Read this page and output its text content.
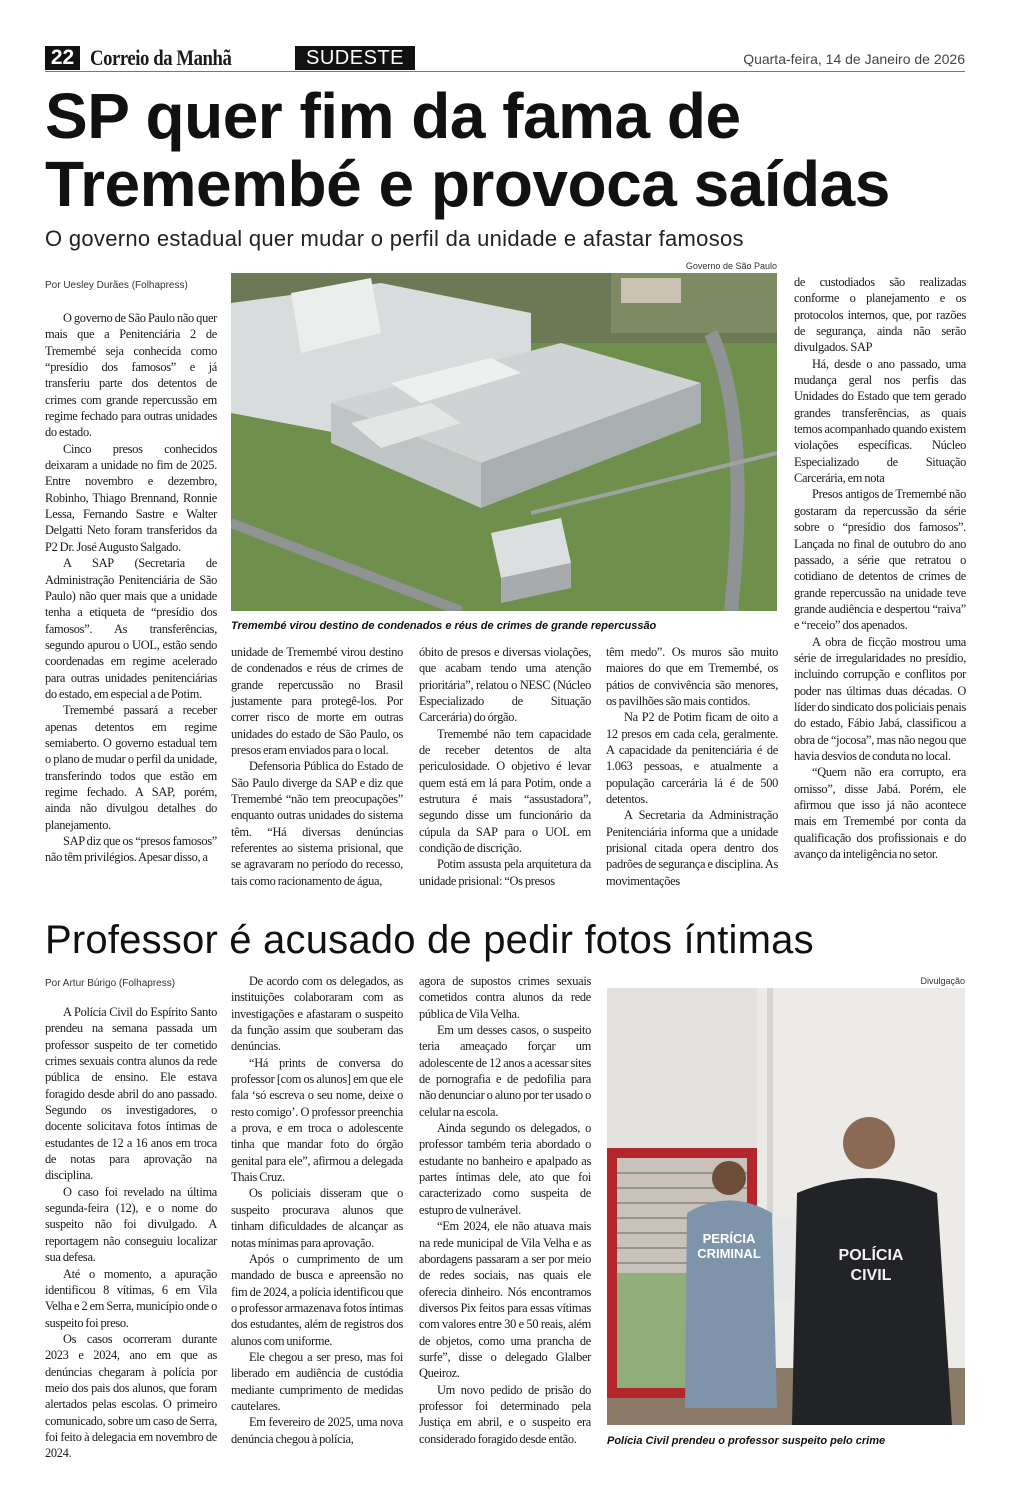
22 Correio da Manhã	SUDESTE	Quarta-feira, 14 de Janeiro de 2026
SP quer fim da fama de Tremembé e provoca saídas
O governo estadual quer mudar o perfil da unidade e afastar famosos
Por Uesley Durães (Folhapress)
Governo de São Paulo
Tremembé virou destino de condenados e réus de crimes de grande repercussão

O governo de São Paulo não quer mais que a Penitenciária 2 de Tremembé seja conhecida como “presídio dos famosos” e já transferiu parte dos detentos de crimes com grande repercussão em regime fechado para outras unidades do estado.

Cinco presos conhecidos deixaram a unidade no fim de 2025. Entre novembro e dezembro, Robinho, Thiago Brennand, Ronnie Lessa, Fernando Sastre e Walter Delgatti Neto foram transferidos da P2 Dr. José Augusto Salgado.

A SAP (Secretaria de Administração Penitenciária de São Paulo) não quer mais que a unidade tenha a etiqueta de “presídio dos famosos”. As transferências, segundo apurou o UOL, estão sendo coordenadas em regime acelerado para outras unidades penitenciárias do estado, em especial a de Potim.

Tremembé passará a receber apenas detentos em regime semiaberto. O governo estadual tem o plano de mudar o perfil da unidade, transferindo todos que estão em regime fechado. A SAP, porém, ainda não divulgou detalhes do planejamento.

SAP diz que os “presos famosos” não têm privilégios. Apesar disso, a

unidade de Tremembé virou destino de condenados e réus de crimes de grande repercussão no Brasil justamente para protegê-los. Por correr risco de morte em outras unidades do estado de São Paulo, os presos eram enviados para o local.

Defensoria Pública do Estado de São Paulo diverge da SAP e diz que Tremembé “não tem preocupações” enquanto outras unidades do sistema têm. “Há diversas denúncias referentes ao sistema prisional, que se agravaram no período do recesso, tais como racionamento de água,

óbito de presos e diversas violações, que acabam tendo uma atenção prioritária”, relatou o NESC (Núcleo Especializado de Situação Carcerária) do órgão.

Tremembé não tem capacidade de receber detentos de alta periculosidade. O objetivo é levar quem está em lá para Potim, onde a estrutura é mais “assustadora”, segundo disse um funcionário da cúpula da SAP para o UOL em condição de discrição.

Potim assusta pela arquitetura da unidade prisional: “Os presos

têm medo”. Os muros são muito maiores do que em Tremembé, os pátios de convivência são menores, os pavilhões são mais contidos.

Na P2 de Potim ficam de oito a 12 presos em cada cela, geralmente. A capacidade da penitenciária é de 1.063 pessoas, e atualmente a população carcerária lá é de 500 detentos.

A Secretaria da Administração Penitenciária informa que a unidade prisional citada opera dentro dos padrões de segurança e disciplina. As movimentações

de custodiados são realizadas conforme o planejamento e os protocolos internos, que, por razões de segurança, ainda não serão divulgados. SAP

Há, desde o ano passado, uma mudança geral nos perfis das Unidades do Estado que tem gerado grandes transferências, as quais temos acompanhado quando existem violações específicas. Núcleo Especializado de Situação Carcerária, em nota

Presos antigos de Tremembé não gostaram da repercussão da série sobre o “presídio dos famosos”. Lançada no final de outubro do ano passado, a série que retratou o cotidiano de detentos de crimes de grande repercussão na unidade teve grande audiência e despertou “raiva” e “receio” dos apenados.

A obra de ficção mostrou uma série de irregularidades no presídio, incluindo corrupção e conflitos por poder nas últimas duas décadas. O líder do sindicato dos policiais penais do estado, Fábio Jabá, classificou a obra de “jocosa”, mas não negou que havia desvios de conduta no local.

“Quem não era corrupto, era omisso”, disse Jabá. Porém, ele afirmou que isso já não acontece mais em Tremembé por conta da qualificação dos profissionais e do avanço da inteligência no setor.

Professor é acusado de pedir fotos íntimas
Por Artur Búrigo (Folhapress)	Divulgação
PERÍCIA
CRIMINAL	POLÍCIA
CIVIL
Polícia Civil prendeu o professor suspeito pelo crime

A Polícia Civil do Espírito Santo prendeu na semana passada um professor suspeito de ter cometido crimes sexuais contra alunos da rede pública de ensino. Ele estava foragido desde abril do ano passado. Segundo os investigadores, o docente solicitava fotos íntimas de estudantes de 12 a 16 anos em troca de notas para aprovação na disciplina.

O caso foi revelado na última segunda-feira (12), e o nome do suspeito não foi divulgado. A reportagem não conseguiu localizar sua defesa.

Até o momento, a apuração identificou 8 vítimas, 6 em Vila Velha e 2 em Serra, município onde o suspeito foi preso.

Os casos ocorreram durante 2023 e 2024, ano em que as denúncias chegaram à polícia por meio dos pais dos alunos, que foram alertados pelas escolas. O primeiro comunicado, sobre um caso de Serra, foi feito à delegacia em novembro de 2024.

De acordo com os delegados, as instituições colaboraram com as investigações e afastaram o suspeito da função assim que souberam das denúncias.

“Há prints de conversa do professor [com os alunos] em que ele fala ‘só escreva o seu nome, deixe o resto comigo’. O professor preenchia a prova, e em troca o adolescente tinha que mandar foto do órgão genital para ele”, afirmou a delegada Thais Cruz.

Os policiais disseram que o suspeito procurava alunos que tinham dificuldades de alcançar as notas mínimas para aprovação.

Após o cumprimento de um mandado de busca e apreensão no fim de 2024, a polícia identificou que o professor armazenava fotos íntimas dos estudantes, além de registros dos alunos com uniforme.

Ele chegou a ser preso, mas foi liberado em audiência de custódia mediante cumprimento de medidas cautelares.

Em fevereiro de 2025, uma nova denúncia chegou à polícia,

agora de supostos crimes sexuais cometidos contra alunos da rede pública de Vila Velha.

Em um desses casos, o suspeito teria ameaçado forçar um adolescente de 12 anos a acessar sites de pornografia e de pedofilia para não denunciar o aluno por ter usado o celular na escola.

Ainda segundo os delegados, o professor também teria abordado o estudante no banheiro e apalpado as partes íntimas dele, ato que foi caracterizado como suspeita de estupro de vulnerável.

“Em 2024, ele não atuava mais na rede municipal de Vila Velha e as abordagens passaram a ser por meio de redes sociais, nas quais ele oferecia dinheiro. Nós encontramos diversos Pix feitos para essas vítimas com valores entre 30 e 50 reais, além de objetos, como uma prancha de surfe”, disse o delegado Glalber Queiroz.

Um novo pedido de prisão do professor foi determinado pela Justiça em abril, e o suspeito era considerado foragido desde então.
